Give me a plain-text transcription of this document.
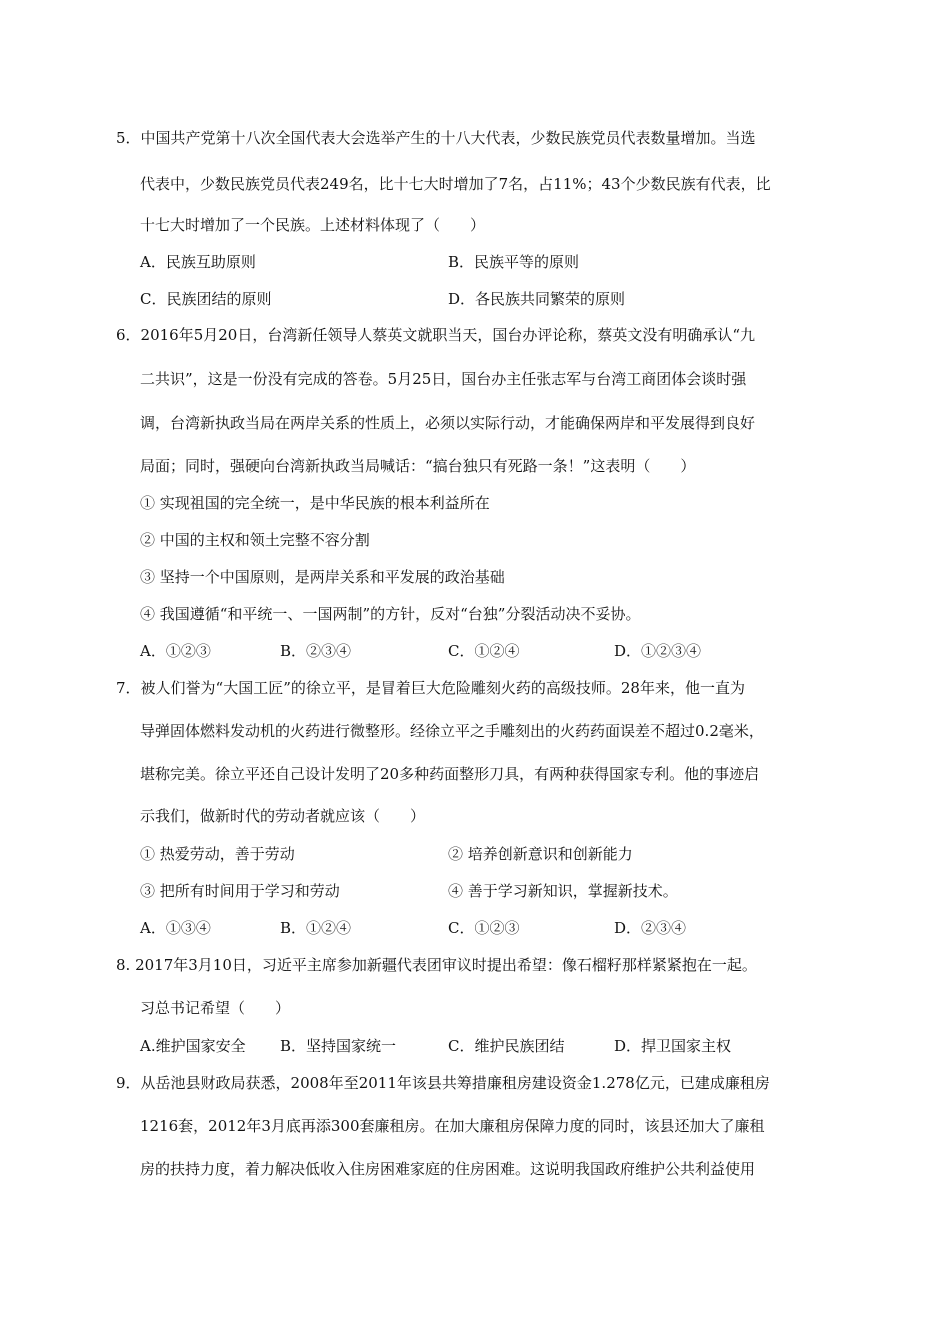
5．中国共产党第十八次全国代表大会选举产生的十八大代表，少数民族党员代表数量增加。当选
代表中，少数民族党员代表249名，比十七大时增加了7名，占11%；43个少数民族有代表，比
十七大时增加了一个民族。上述材料体现了（　　）
A．民族互助原则	B．民族平等的原则
C．民族团结的原则	D．各民族共同繁荣的原则
6．2016年5月20日，台湾新任领导人蔡英文就职当天，国台办评论称，蔡英文没有明确承认“九
二共识”，这是一份没有完成的答卷。5月25日，国台办主任张志军与台湾工商团体会谈时强
调，台湾新执政当局在两岸关系的性质上，必须以实际行动，才能确保两岸和平发展得到良好
局面；同时，强硬向台湾新执政当局喊话：“搞台独只有死路一条！”这表明（　　）
① 实现祖国的完全统一，是中华民族的根本利益所在
② 中国的主权和领土完整不容分割
③ 坚持一个中国原则，是两岸关系和平发展的政治基础
④ 我国遵循“和平统一、一国两制”的方针，反对“台独”分裂活动决不妥协。
A．①②③	B．②③④	C．①②④	D．①②③④
7．被人们誉为“大国工匠”的徐立平，是冒着巨大危险雕刻火药的高级技师。28年来，他一直为
导弹固体燃料发动机的火药进行微整形。经徐立平之手雕刻出的火药药面误差不超过0.2毫米，
堪称完美。徐立平还自己设计发明了20多种药面整形刀具，有两种获得国家专利。他的事迹启
示我们，做新时代的劳动者就应该（　　）
① 热爱劳动，善于劳动	② 培养创新意识和创新能力
③ 把所有时间用于学习和劳动	④ 善于学习新知识，掌握新技术。
A．①③④	B．①②④	C．①②③	D．②③④
8. 2017年3月10日，习近平主席参加新疆代表团审议时提出希望：像石榴籽那样紧紧抱在一起。
习总书记希望（　　）
A.维护国家安全 B．坚持国家统一	C．维护民族团结	D．捍卫国家主权
9．从岳池县财政局获悉，2008年至2011年该县共筹措廉租房建设资金1.278亿元，已建成廉租房
1216套，2012年3月底再添300套廉租房。在加大廉租房保障力度的同时，该县还加大了廉租
房的扶持力度，着力解决低收入住房困难家庭的住房困难。这说明我国政府维护公共利益使用
